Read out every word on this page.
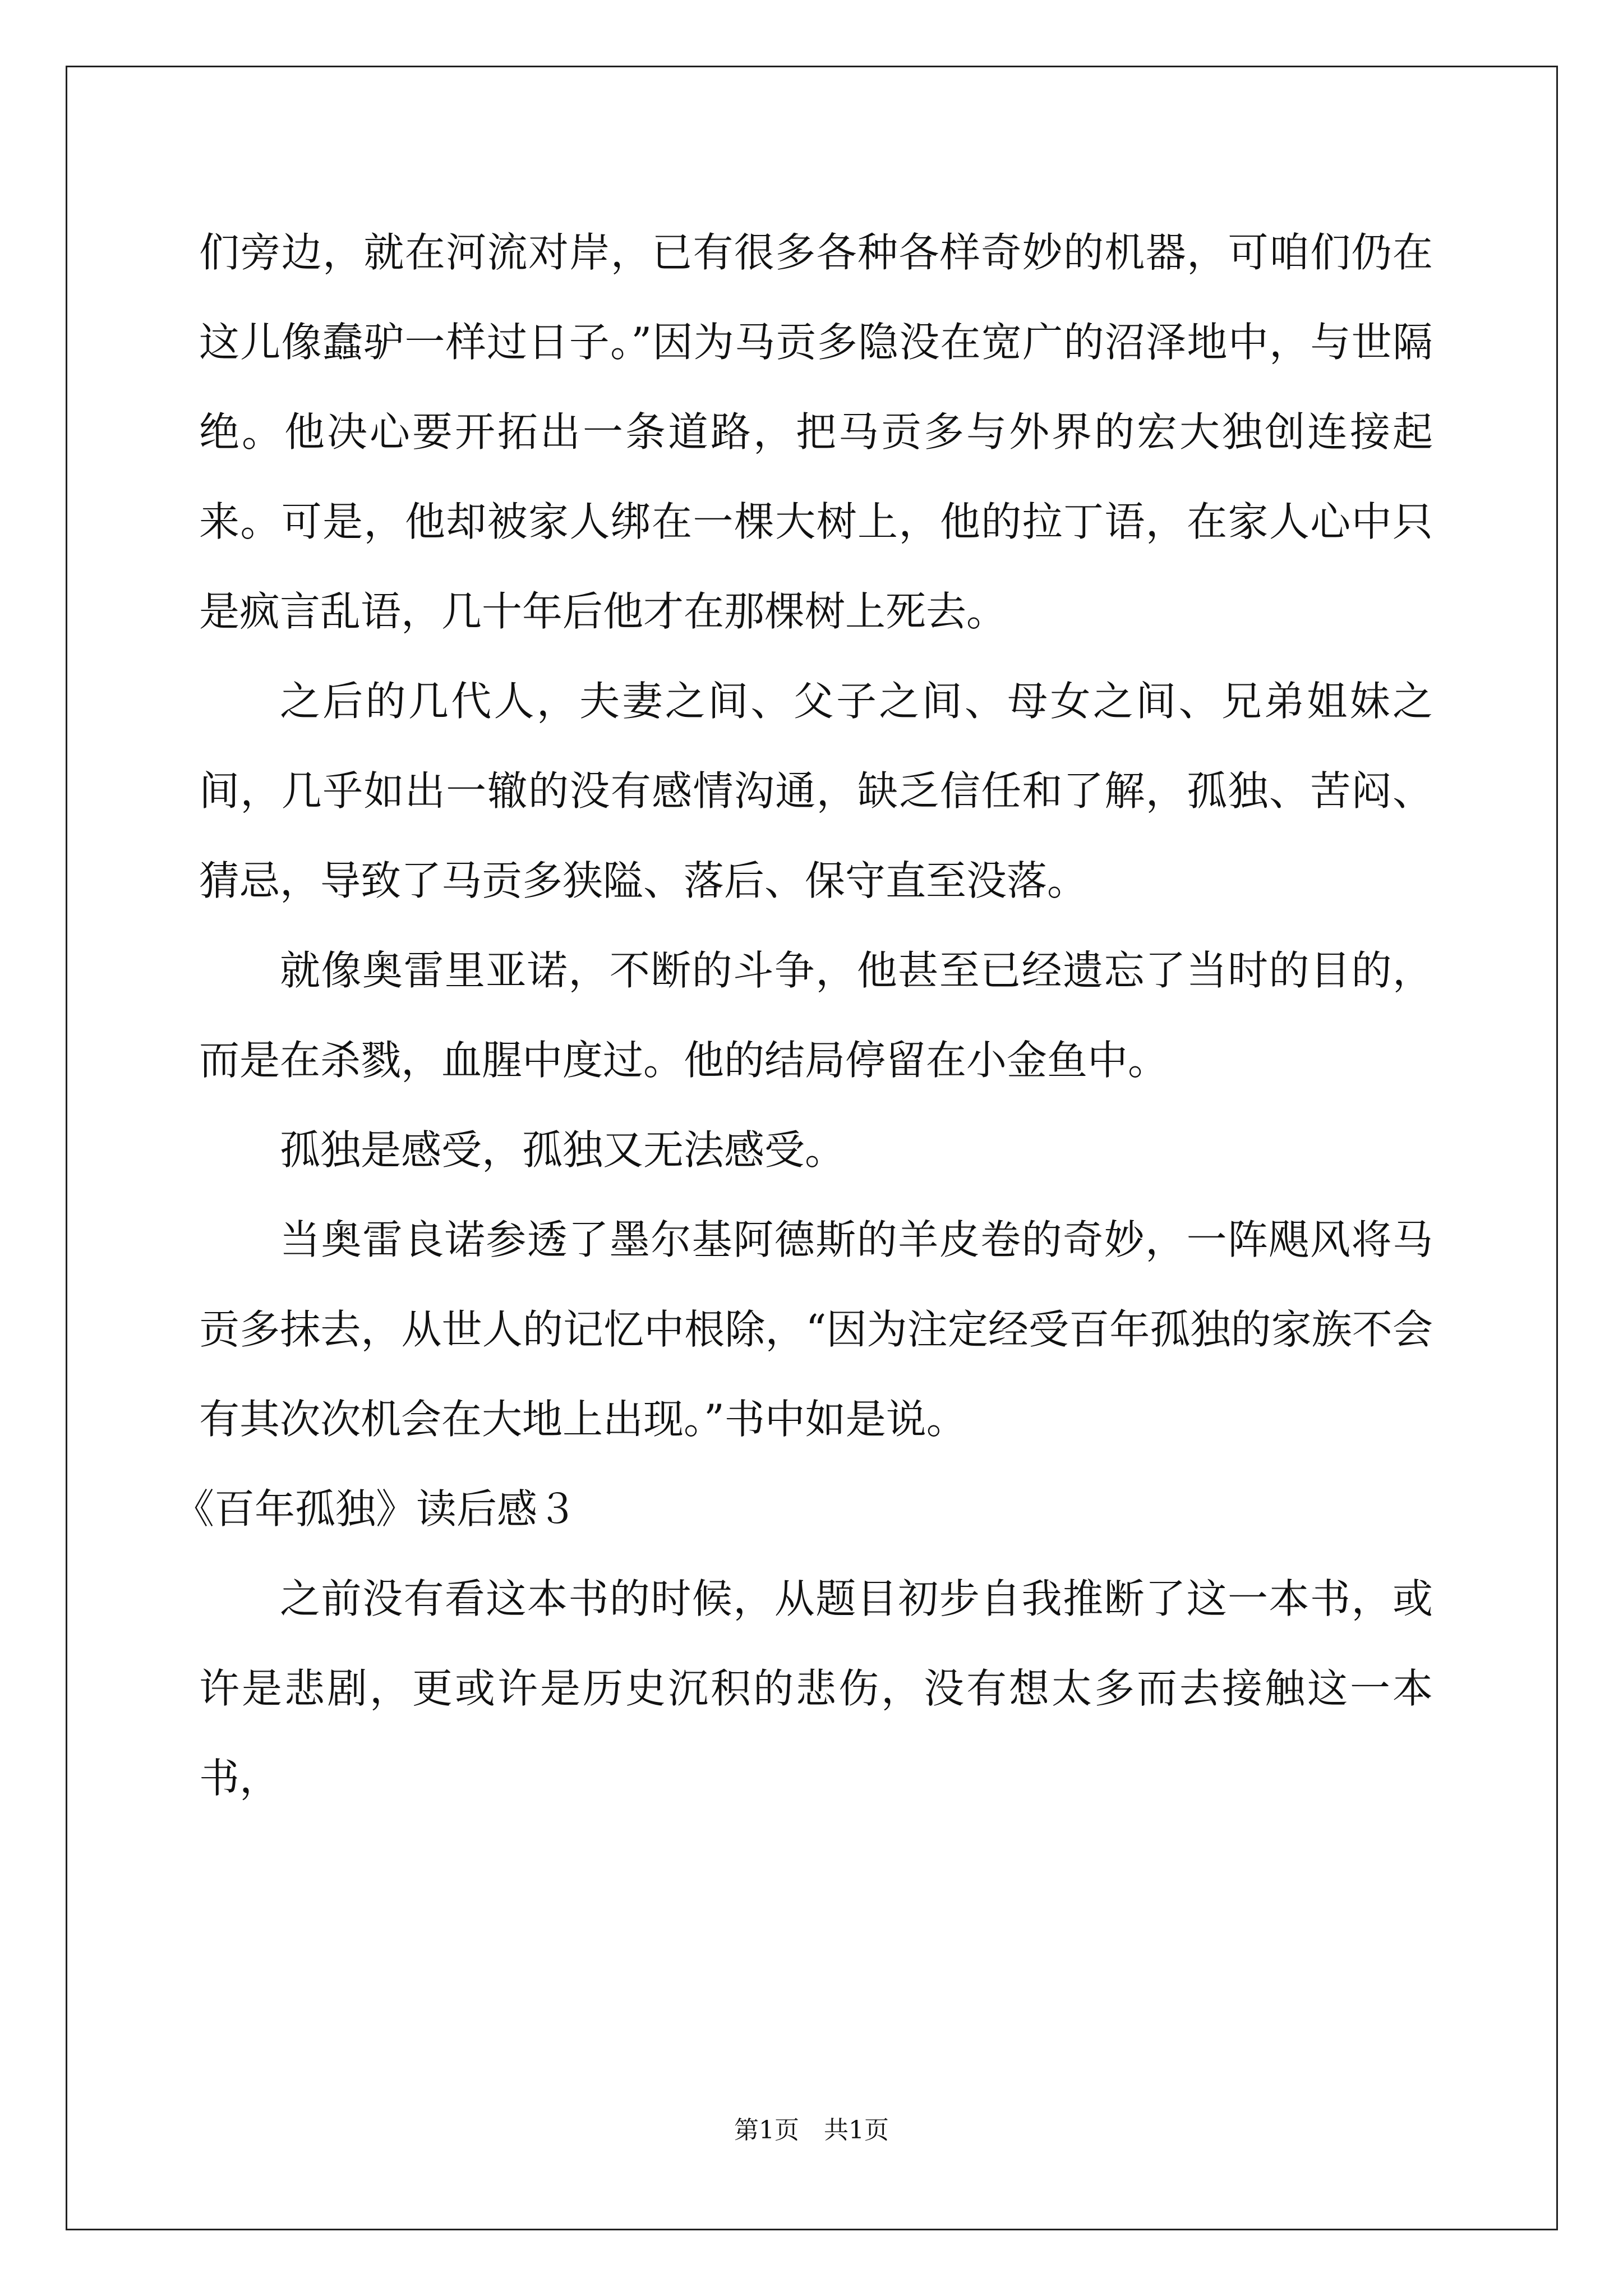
们旁边，就在河流对岸，已有很多各种各样奇妙的机器，可咱们仍在这儿像蠢驴一样过日子。”因为马贡多隐没在宽广的沼泽地中，与世隔绝。他决心要开拓出一条道路，把马贡多与外界的宏大独创连接起来。可是，他却被家人绑在一棵大树上，他的拉丁语，在家人心中只是疯言乱语，几十年后他才在那棵树上死去。

之后的几代人，夫妻之间、父子之间、母女之间、兄弟姐妹之间，几乎如出一辙的没有感情沟通，缺乏信任和了解，孤独、苦闷、猜忌，导致了马贡多狭隘、落后、保守直至没落。

就像奥雷里亚诺，不断的斗争，他甚至已经遗忘了当时的目的，而是在杀戮，血腥中度过。他的结局停留在小金鱼中。

孤独是感受，孤独又无法感受。

当奥雷良诺参透了墨尔基阿德斯的羊皮卷的奇妙，一阵飓风将马贡多抹去，从世人的记忆中根除，“因为注定经受百年孤独的家族不会有其次次机会在大地上出现。”书中如是说。

《百年孤独》读后感３

之前没有看这本书的时候，从题目初步自我推断了这一本书，或许是悲剧，更或许是历史沉积的悲伤，没有想太多而去接触这一本书，

第1页　共1页
